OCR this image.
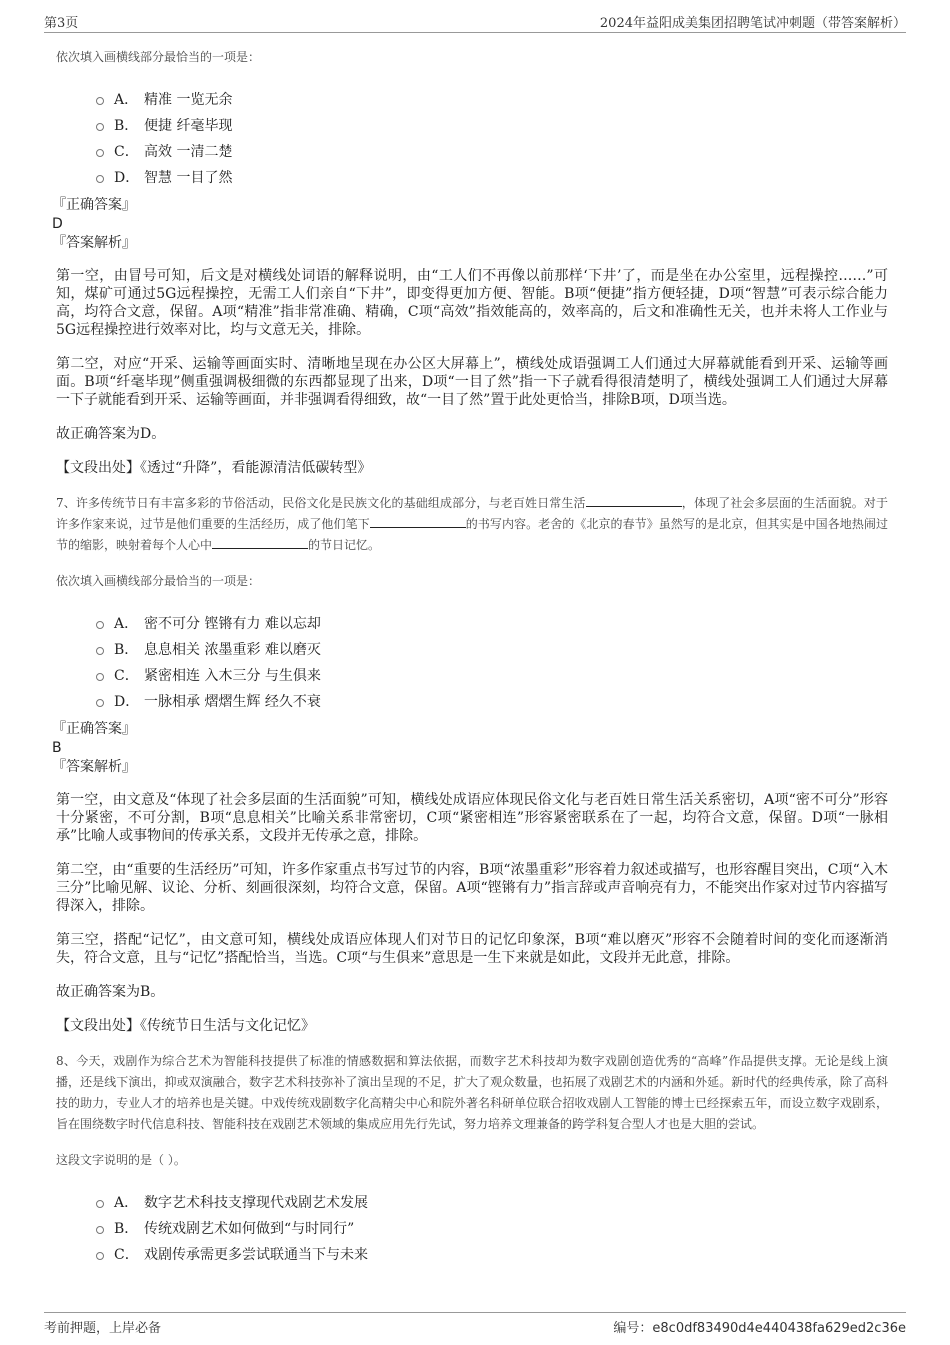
第3页	2024年益阳成美集团招聘笔试冲刺题（带答案解析）
依次填入画横线部分最恰当的一项是：
A． 精准 一览无余
B． 便捷 纤毫毕现
C． 高效 一清二楚
D． 智慧 一目了然
『正确答案』
D
『答案解析』
第一空，由冒号可知，后文是对横线处词语的解释说明，由“工人们不再像以前那样‘下井’了，而是坐在办公室里，远程操控……”可知，煤矿可通过5G远程操控，无需工人们亲自“下井”，即变得更加方便、智能。B项“便捷”指方便轻捷，D项“智慧”可表示综合能力高，均符合文意，保留。A项“精准”指非常准确、精确，C项“高效”指效能高的，效率高的，后文和准确性无关，也并未将人工作业与5G远程操控进行效率对比，均与文意无关，排除。
第二空，对应“开采、运输等画面实时、清晰地呈现在办公区大屏幕上”，横线处成语强调工人们通过大屏幕就能看到开采、运输等画面。B项“纤毫毕现”侧重强调极细微的东西都显现了出来，D项“一目了然”指一下子就看得很清楚明了，横线处强调工人们通过大屏幕一下子就能看到开采、运输等画面，并非强调看得细致，故“一目了然”置于此处更恰当，排除B项，D项当选。
故正确答案为D。
【文段出处】《透过“升降”，看能源清洁低碳转型》
7、许多传统节日有丰富多彩的节俗活动，民俗文化是民族文化的基础组成部分，与老百姓日常生活	，体现了社会多层面的生活面貌。对于许多作家来说，过节是他们重要的生活经历，成了他们笔下	的书写内容。老舍的《北京的春节》虽然写的是北京，但其实是中国各地热闹过节的缩影，映射着每个人心中	的节日记忆。
依次填入画横线部分最恰当的一项是：
A． 密不可分 铿锵有力 难以忘却
B． 息息相关 浓墨重彩 难以磨灭
C． 紧密相连 入木三分 与生俱来
D． 一脉相承 熠熠生辉 经久不衰
『正确答案』
B
『答案解析』
第一空，由文意及“体现了社会多层面的生活面貌”可知，横线处成语应体现民俗文化与老百姓日常生活关系密切，A项“密不可分”形容十分紧密，不可分割，B项“息息相关”比喻关系非常密切，C项“紧密相连”形容紧密联系在了一起，均符合文意，保留。D项“一脉相承”比喻人或事物间的传承关系，文段并无传承之意，排除。
第二空，由“重要的生活经历”可知，许多作家重点书写过节的内容，B项“浓墨重彩”形容着力叙述或描写，也形容醒目突出，C项“入木三分”比喻见解、议论、分析、刻画很深刻，均符合文意，保留。A项“铿锵有力”指言辞或声音响亮有力，不能突出作家对过节内容描写得深入，排除。
第三空，搭配“记忆”，由文意可知，横线处成语应体现人们对节日的记忆印象深，B项“难以磨灭”形容不会随着时间的变化而逐渐消失，符合文意，且与“记忆”搭配恰当，当选。C项“与生俱来”意思是一生下来就是如此，文段并无此意，排除。
故正确答案为B。
【文段出处】《传统节日生活与文化记忆》
8、今天，戏剧作为综合艺术为智能科技提供了标准的情感数据和算法依据，而数字艺术科技却为数字戏剧创造优秀的“高峰”作品提供支撑。无论是线上演播，还是线下演出，抑或双演融合，数字艺术科技弥补了演出呈现的不足，扩大了观众数量，也拓展了戏剧艺术的内涵和外延。新时代的经典传承，除了高科技的助力，专业人才的培养也是关键。中戏传统戏剧数字化高精尖中心和院外著名科研单位联合招收戏剧人工智能的博士已经探索五年，而设立数字戏剧系，旨在围绕数字时代信息科技、智能科技在戏剧艺术领域的集成应用先行先试，努力培养文理兼备的跨学科复合型人才也是大胆的尝试。
这段文字说明的是（ ）。
A． 数字艺术科技支撑现代戏剧艺术发展
B． 传统戏剧艺术如何做到“与时同行”
C． 戏剧传承需更多尝试联通当下与未来
考前押题，上岸必备	编号：e8c0df83490d4e440438fa629ed2c36e
